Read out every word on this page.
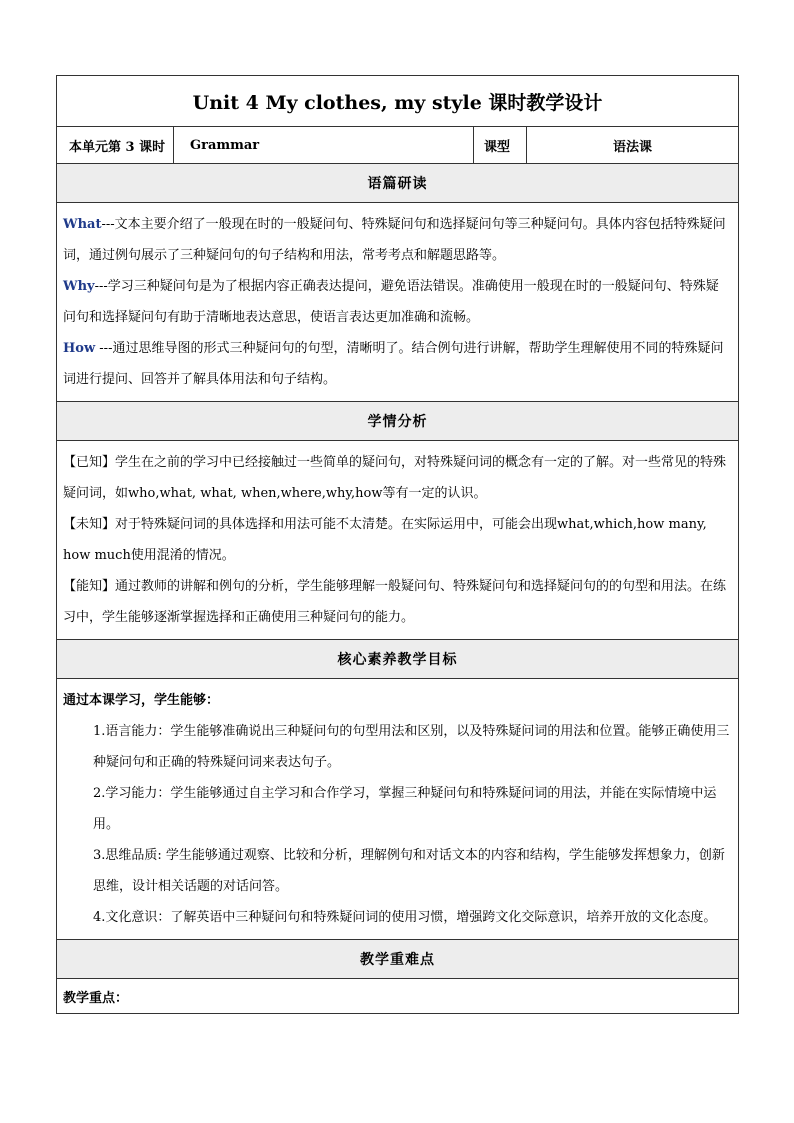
Unit 4 My clothes, my style 课时教学设计
本单元第 3 课时	Grammar	课型	语法课
语篇研读

What---文本主要介绍了一般现在时的一般疑问句、特殊疑问句和选择疑问句等三种疑问句。具体内容包括特殊疑问词，通过例句展示了三种疑问句的句子结构和用法，常考考点和解题思路等。

Why---学习三种疑问句是为了根据内容正确表达提问，避免语法错误。准确使用一般现在时的一般疑问句、特殊疑问句和选择疑问句有助于清晰地表达意思，使语言表达更加准确和流畅。

How ---通过思维导图的形式三种疑问句的句型，清晰明了。结合例句进行讲解，帮助学生理解使用不同的特殊疑问词进行提问、回答并了解具体用法和句子结构。

学情分析

【已知】学生在之前的学习中已经接触过一些简单的疑问句，对特殊疑问词的概念有一定的了解。对一些常见的特殊疑问词，如who,what, what, when,where,why,how等有一定的认识。

【未知】对于特殊疑问词的具体选择和用法可能不太清楚。在实际运用中，可能会出现what,which,how many, how much使用混淆的情况。

【能知】通过教师的讲解和例句的分析，学生能够理解一般疑问句、特殊疑问句和选择疑问句的的句型和用法。在练习中，学生能够逐渐掌握选择和正确使用三种疑问句的能力。

核心素养教学目标

通过本课学习，学生能够：

1.语言能力：学生能够准确说出三种疑问句的句型用法和区别，以及特殊疑问词的用法和位置。能够正确使用三种疑问句和正确的特殊疑问词来表达句子。

2.学习能力：学生能够通过自主学习和合作学习，掌握三种疑问句和特殊疑问词的用法，并能在实际情境中运用。

3.思维品质: 学生能够通过观察、比较和分析，理解例句和对话文本的内容和结构，学生能够发挥想象力，创新思维，设计相关话题的对话问答。

4.文化意识：了解英语中三种疑问句和特殊疑问词的使用习惯，增强跨文化交际意识，培养开放的文化态度。

教学重难点
教学重点：
